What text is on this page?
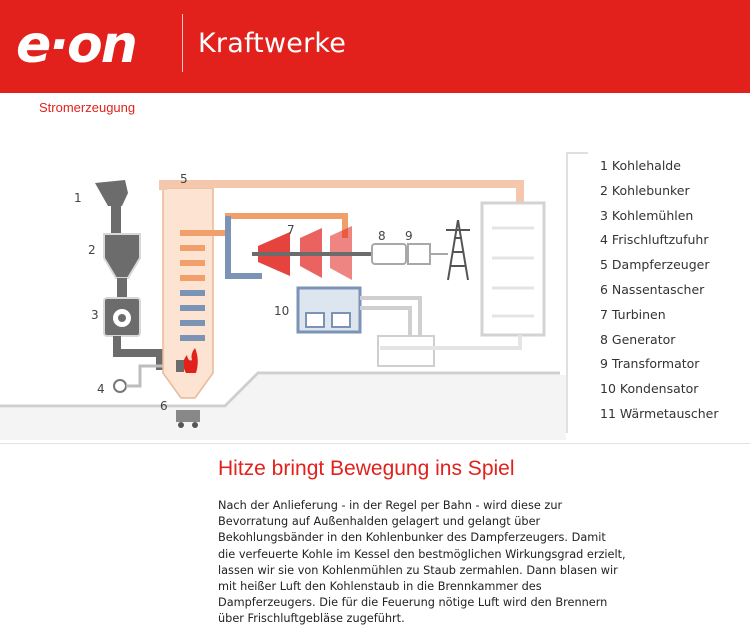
e·on Kraftwerke
Stromerzeugung
1
2
3
4
5
6
7	8 9
10
1 Kohlehalde
2 Kohlebunker
3 Kohlemühlen
4 Frischluftzufuhr
5 Dampferzeuger
6 Nassentascher
7 Turbinen
8 Generator
9 Transformator
10 Kondensator
11 Wärmetauscher
Hitze bringt Bewegung ins Spiel
Nach der Anlieferung - in der Regel per Bahn - wird diese zur
Bevorratung auf Außenhalden gelagert und gelangt über
Bekohlungsbänder in den Kohlenbunker des Dampferzeugers. Damit
die verfeuerte Kohle im Kessel den bestmöglichen Wirkungsgrad erzielt,
lassen wir sie von Kohlenmühlen zu Staub zermahlen. Dann blasen wir
mit heißer Luft den Kohlenstaub in die Brennkammer des
Dampferzeugers. Die für die Feuerung nötige Luft wird den Brennern
über Frischluftgebläse zugeführt.
